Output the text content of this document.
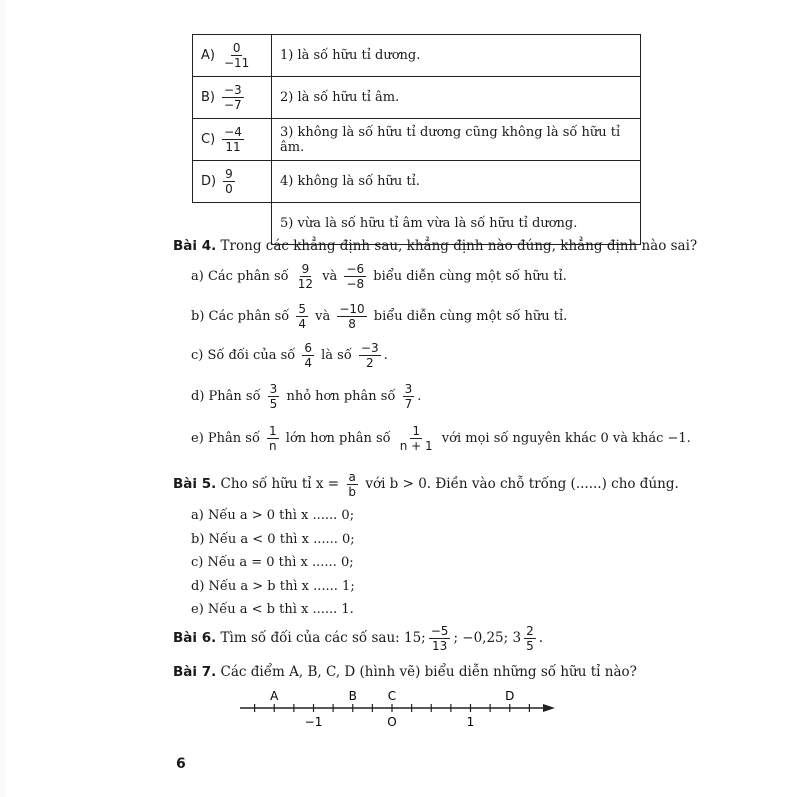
$A) \frac{0}{-11}$	1) là số hữu tỉ dương.
$B) \frac{-3}{-7}$	2) là số hữu tỉ âm.
$C) \frac{-4}{11}$	3) không là số hữu tỉ dương cũng không là số hữu tỉ âm.
$D) \frac{9}{0}$	4) không là số hữu tỉ.
	5) vừa là số hữu tỉ âm vừa là số hữu tỉ dương.
Bài 4. Trong các khẳng định sau, khẳng định nào đúng, khẳng định nào sai?
a) Các phân số $\frac{9}{12}$ và $\frac{-6}{-8}$ biểu diễn cùng một số hữu tỉ.
b) Các phân số $\frac{5}{4}$ và $\frac{-10}{8}$ biểu diễn cùng một số hữu tỉ.
c) Số đối của số $\frac{6}{4}$ là số $\frac{-3}{2}$ .
d) Phân số $\frac{3}{5}$ nhỏ hơn phân số $\frac{3}{7}$ .
e) Phân số $\frac{1}{n}$ lớn hơn phân số $\frac{1}{n + 1}$ với mọi số nguyên khác 0 và khác −1.
Bài 5. Cho số hữu tỉ $x = \frac{a}{b}$ với b > 0. Điền vào chỗ trống (......) cho đúng.
a) Nếu a > 0 thì x ...... 0;
b) Nếu a < 0 thì x ...... 0;
c) Nếu a = 0 thì x ...... 0;
d) Nếu a > b thì x ...... 1;
e) Nếu a < b thì x ...... 1.
Bài 6. Tìm số đối của các số sau: 15; $\frac{-5}{13}$ ; −0,25; $3 \frac{2}{5}$ .
Bài 7. Các điểm A, B, C, D (hình vẽ) biểu diễn những số hữu tỉ nào?
A	B	C	D
−1	O	1
6
